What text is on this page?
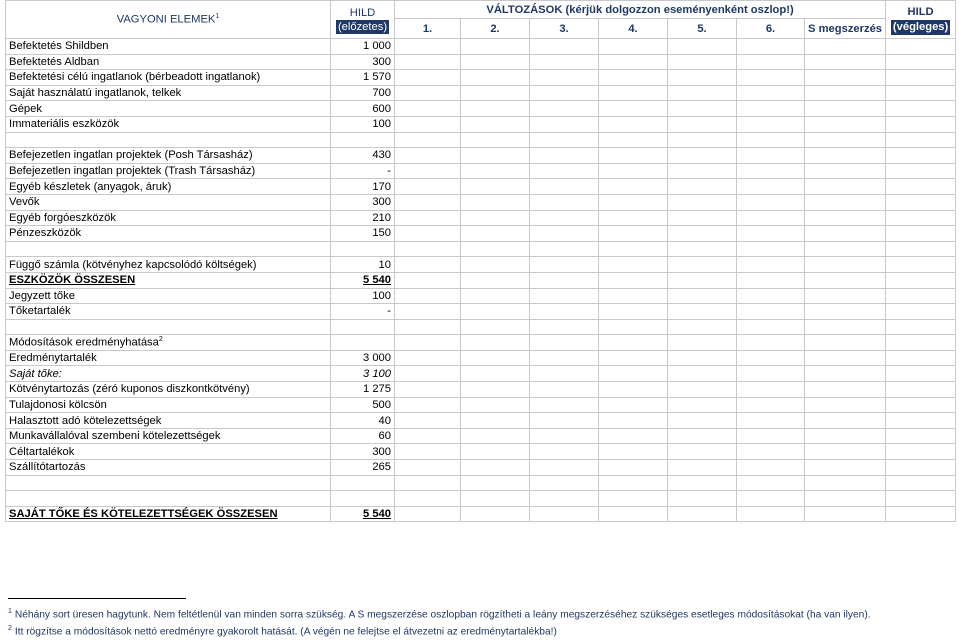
VAGYONI ELEMEK$^1$	HILD
(előzetes)	VÁLTOZÁSOK (kérjük dolgozzon eseményenként oszlop!)							HILD
(végleges)
		1.	2.	3.	4.	5.	6.	S megszerzés	
Befektetés Shildben	1 000								
Befektetés Aldban	300								
Befektetési célú ingatlanok (bérbeadott ingatlanok)	1 570								
Saját használatú ingatlanok, telkek	700								
Gépek	600								
Immateriális eszközök	100								

Befejezetlen ingatlan projektek (Posh Társasház)	430								
Befejezetlen ingatlan projektek (Trash Társasház)	-								
Egyéb készletek (anyagok, áruk)	170								
Vevők	300								
Egyéb forgóeszközök	210								
Pénzeszközök	150								

Függő számla (kötvényhez kapcsolódó költségek)	10								
ESZKÖZÖK ÖSSZESEN	5 540								
Jegyzett tőke	100								
Tőketartalék	-								

Módosítások eredményhatása$^2$									
Eredménytartalék	3 000								
Saját tőke:	3 100								
Kötvénytartozás (zéró kuponos diszkontkötvény)	1 275								
Tulajdonosi kölcsön	500								
Halasztott adó kötelezettségek	40								
Munkavállalóval szembeni kötelezettségek	60								
Céltartalékok	300								
Szállítótartozás	265								

SAJÁT TŐKE ÉS KÖTELEZETTSÉGEK ÖSSZESEN	5 540								
$^1$ Néhány sort üresen hagytunk. Nem feltétlenül van minden sorra szükség. A S megszerzése oszlopban rögzítheti a leány megszerzéséhez szükséges esetleges módosításokat (ha van ilyen).
$^2$ Itt rögzítse a módosítások nettó eredményre gyakorolt hatását. (A végén ne felejtse el átvezetni az eredménytartalékba!)
